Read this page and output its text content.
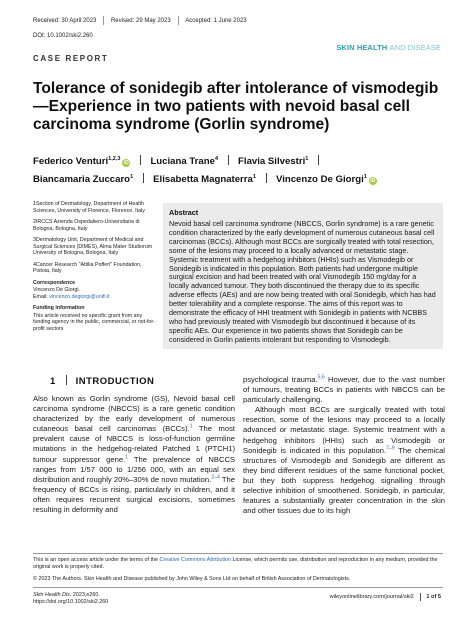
Received: 30 April 2023 Revised: 29 May 2023 Accepted: 1 June 2023
DOI: 10.1002/ski2.260
SKIN HEALTH AND DISEASE
CASE REPORT
Tolerance of sonidegib after intolerance of vismodegib—Experience in two patients with nevoid basal cell carcinoma syndrome (Gorlin syndrome)
Federico Venturi$^{1,2,3}$iD Luciana Trane$^4$ Flavia Silvestri$^1$
Biancamaria Zuccaro$^1$ Elisabetta Magnaterra$^1$ Vincenzo De Giorgi$^1$iD
1Section of Dermatology, Department of Health Sciences, University of Florence, Florence, Italy
2IRCCS Azienda Ospedaliero-Universitaria di Bologna, Bologna, Italy
3Dermatology Unit, Department of Medical and Surgical Sciences (DIMES), Alma Mater Studiorum University of Bologna, Bologna, Italy
4Cancer Research "Attilia Pofferi" Foundation, Pistoia, Italy
Correspondence
Vincenzo De Giorgi.
Email: vincenzo.degiorgi@unifi.it
Funding information
This article received no specific grant from any funding agency in the public, commercial, or not-for-profit sectors
Abstract
Nevoid basal cell carcinoma syndrome (NBCCS, Gorlin syndrome) is a rare genetic condition characterized by the early development of numerous cutaneous basal cell carcinomas (BCCs). Although most BCCs are surgically treated with total resection, some of the lesions may proceed to a locally advanced or metastatic stage. Systemic treatment with a hedgehog inhibitors (HHIs) such as Vismodegib or Sonidegib is indicated in this population. Both patients had undergone multiple surgical excision and had been treated with oral Vismodegib 150 mg/day for a locally advanced tumour. They both discontinued the therapy due to its specific adverse effects (AEs) and are now being treated with oral Sonidegib, which has had better tolerability and a complete response. The aims of this report was to demonstrate the efficacy of HHI treatment with Sonidegib in patients with NCBBS who had previously treated with Vismodegib but discontinued it because of its specific AEs. Our experience in two patients shows that Sonidegib can be considered in Gorlin patients intolerant but responding to Vismodegib.
1 INTRODUCTION

Also known as Gorlin syndrome (GS), Nevoid basal cell carcinoma syndrome (NBCCS) is a rare genetic condition characterized by the early development of numerous cutaneous basal cell carcinomas (BCCs).$^1$ The most prevalent cause of NBCCS is loss-of-function germline mutations in the hedgehog-related Patched 1 (PTCH1) tumour suppressor gene.$^1$ The prevalence of NBCCS ranges from 1/57 000 to 1/256 000, with an equal sex distribution and roughly 20%–30% de novo mutation.$^{2-4}$ The frequency of BCCs is rising, particularly in children, and it often requires recurrent surgical excisions, sometimes resulting in deformity and

psychological trauma.$^{5,6}$ However, due to the vast number of tumours, treating BCCs in patients with NBCCS can be particularly challenging.

Although most BCCs are surgically treated with total resection, some of the lesions may proceed to a locally advanced or metastatic stage. Systemic treatment with a hedgehog inhibitors (HHIs) such as Vismodegib or Sonidegib is indicated in this population.$^{7-9}$ The chemical structures of Vismodegib and Sonidegib are different as they bind different residues of the same functional pocket, but they both suppress hedgehog signalling through selective inhibition of smoothened. Sonidegib, in particular, features a substantially greater concentration in the skin and other tissues due to its high

This is an open access article under the terms of the Creative Commons Attribution License, which permits use, distribution and reproduction in any medium, provided the original work is properly cited.
© 2023 The Authors. Skin Health and Disease published by John Wiley & Sons Ltd on behalf of British Association of Dermatologists.
Skin Health Dis. 2023;e260.
https://doi.org/10.1002/ski2.260
wileyonlinelibrary.com/journal/ski2 1 of 5
